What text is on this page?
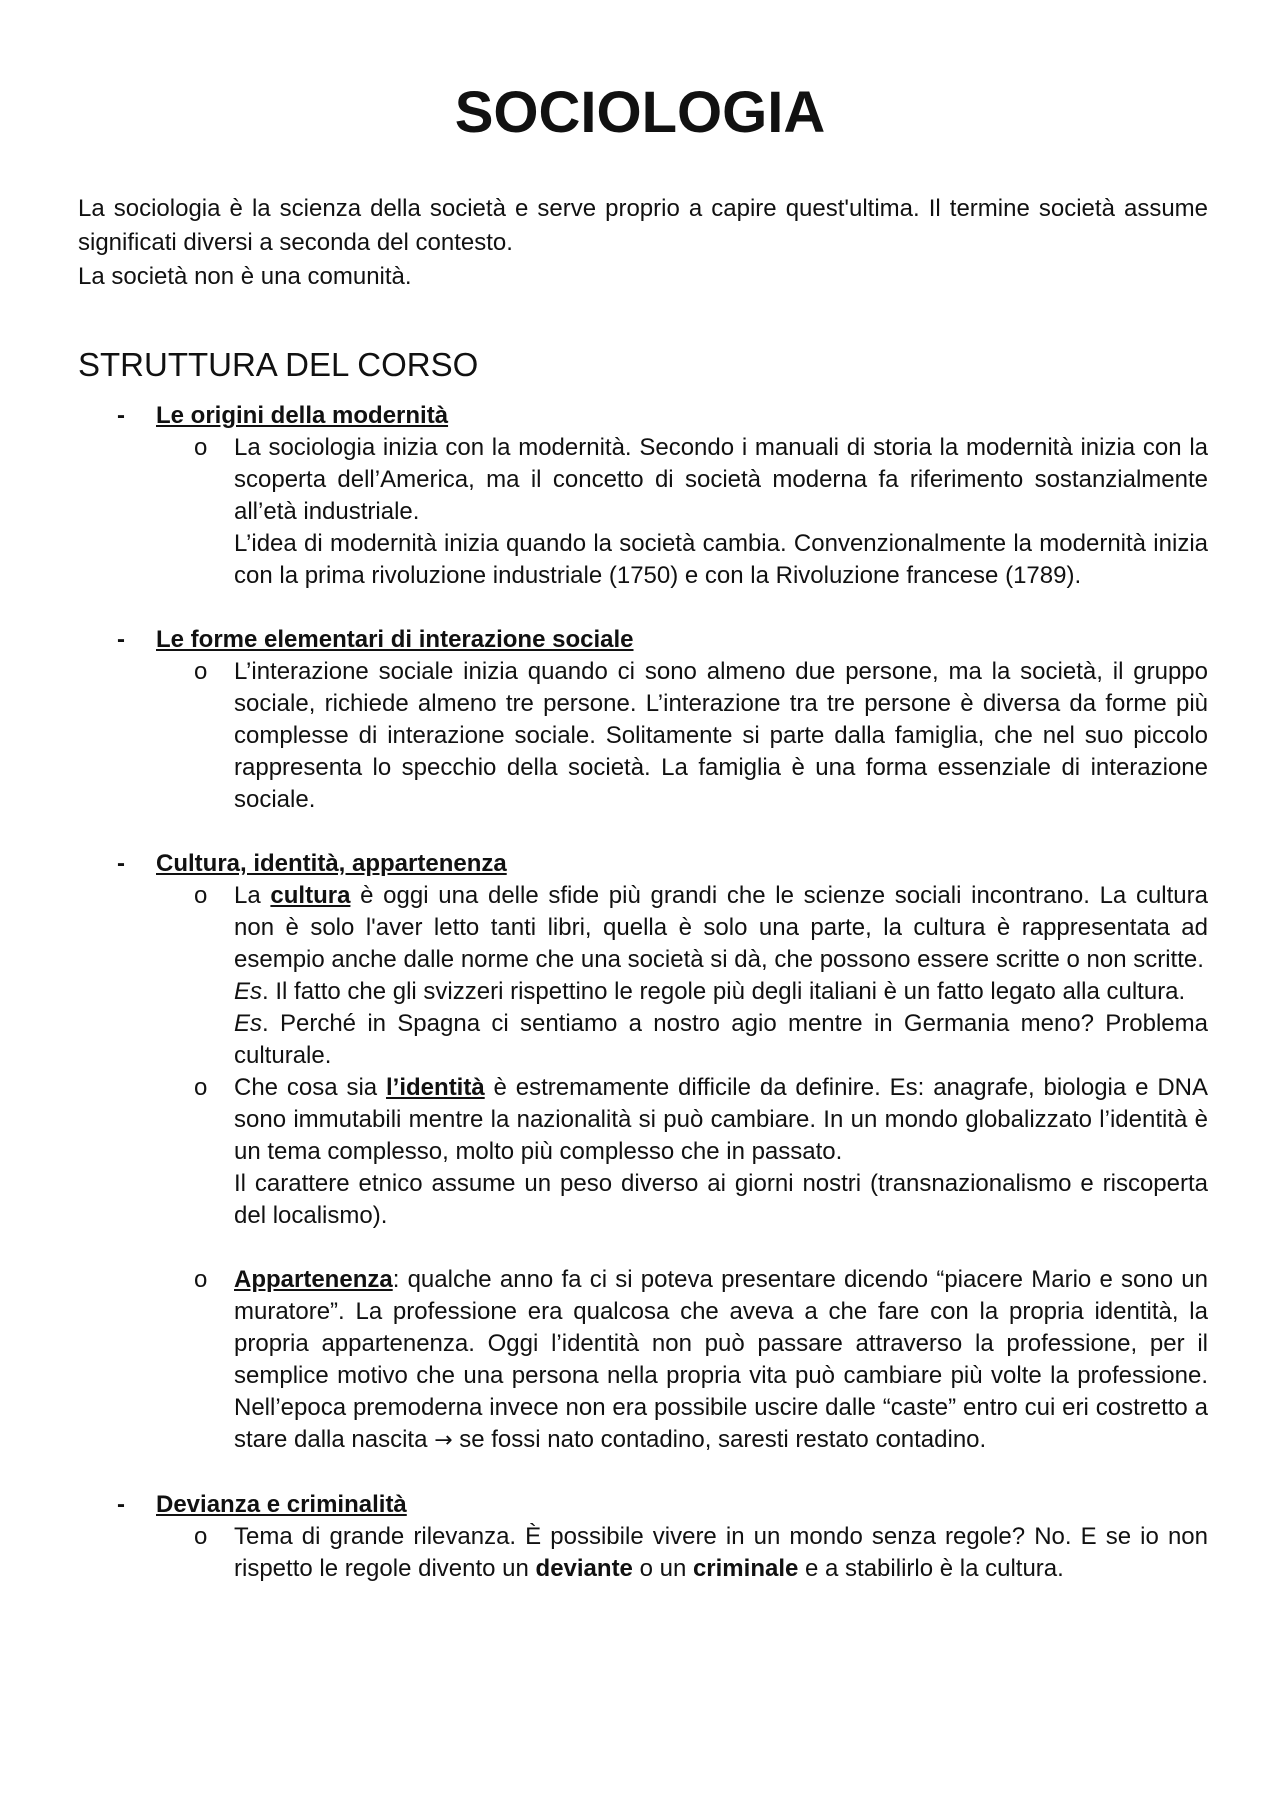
SOCIOLOGIA

La sociologia è la scienza della società e serve proprio a capire quest'ultima. Il termine società assume significati diversi a seconda del contesto.

La società non è una comunità.

STRUTTURA DEL CORSO
- Le origini della modernità
o La sociologia inizia con la modernità. Secondo i manuali di storia la modernità inizia con la scoperta dell’America, ma il concetto di società moderna fa riferimento sostanzialmente all’età industriale.

L’idea di modernità inizia quando la società cambia. Convenzionalmente la modernità inizia con la prima rivoluzione industriale (1750) e con la Rivoluzione francese (1789).

- Le forme elementari di interazione sociale
o L’interazione sociale inizia quando ci sono almeno due persone, ma la società, il gruppo sociale, richiede almeno tre persone. L’interazione tra tre persone è diversa da forme più complesse di interazione sociale. Solitamente si parte dalla famiglia, che nel suo piccolo rappresenta lo specchio della società. La famiglia è una forma essenziale di interazione sociale.

- Cultura, identità, appartenenza
o La cultura è oggi una delle sfide più grandi che le scienze sociali incontrano. La cultura non è solo l'aver letto tanti libri, quella è solo una parte, la cultura è rappresentata ad esempio anche dalle norme che una società si dà, che possono essere scritte o non scritte.

Es. Il fatto che gli svizzeri rispettino le regole più degli italiani è un fatto legato alla cultura.

Es. Perché in Spagna ci sentiamo a nostro agio mentre in Germania meno? Problema culturale.

o Che cosa sia l’identità è estremamente difficile da definire. Es: anagrafe, biologia e DNA sono immutabili mentre la nazionalità si può cambiare. In un mondo globalizzato l’identità è un tema complesso, molto più complesso che in passato.

Il carattere etnico assume un peso diverso ai giorni nostri (transnazionalismo e riscoperta del localismo).

o Appartenenza: qualche anno fa ci si poteva presentare dicendo “piacere Mario e sono un muratore”. La professione era qualcosa che aveva a che fare con la propria identità, la propria appartenenza. Oggi l’identità non può passare attraverso la professione, per il semplice motivo che una persona nella propria vita può cambiare più volte la professione. Nell’epoca premoderna invece non era possibile uscire dalle “caste” entro cui eri costretto a stare dalla nascita → se fossi nato contadino, saresti restato contadino.

- Devianza e criminalità
o Tema di grande rilevanza. È possibile vivere in un mondo senza regole? No. E se io non rispetto le regole divento un deviante o un criminale e a stabilirlo è la cultura.
